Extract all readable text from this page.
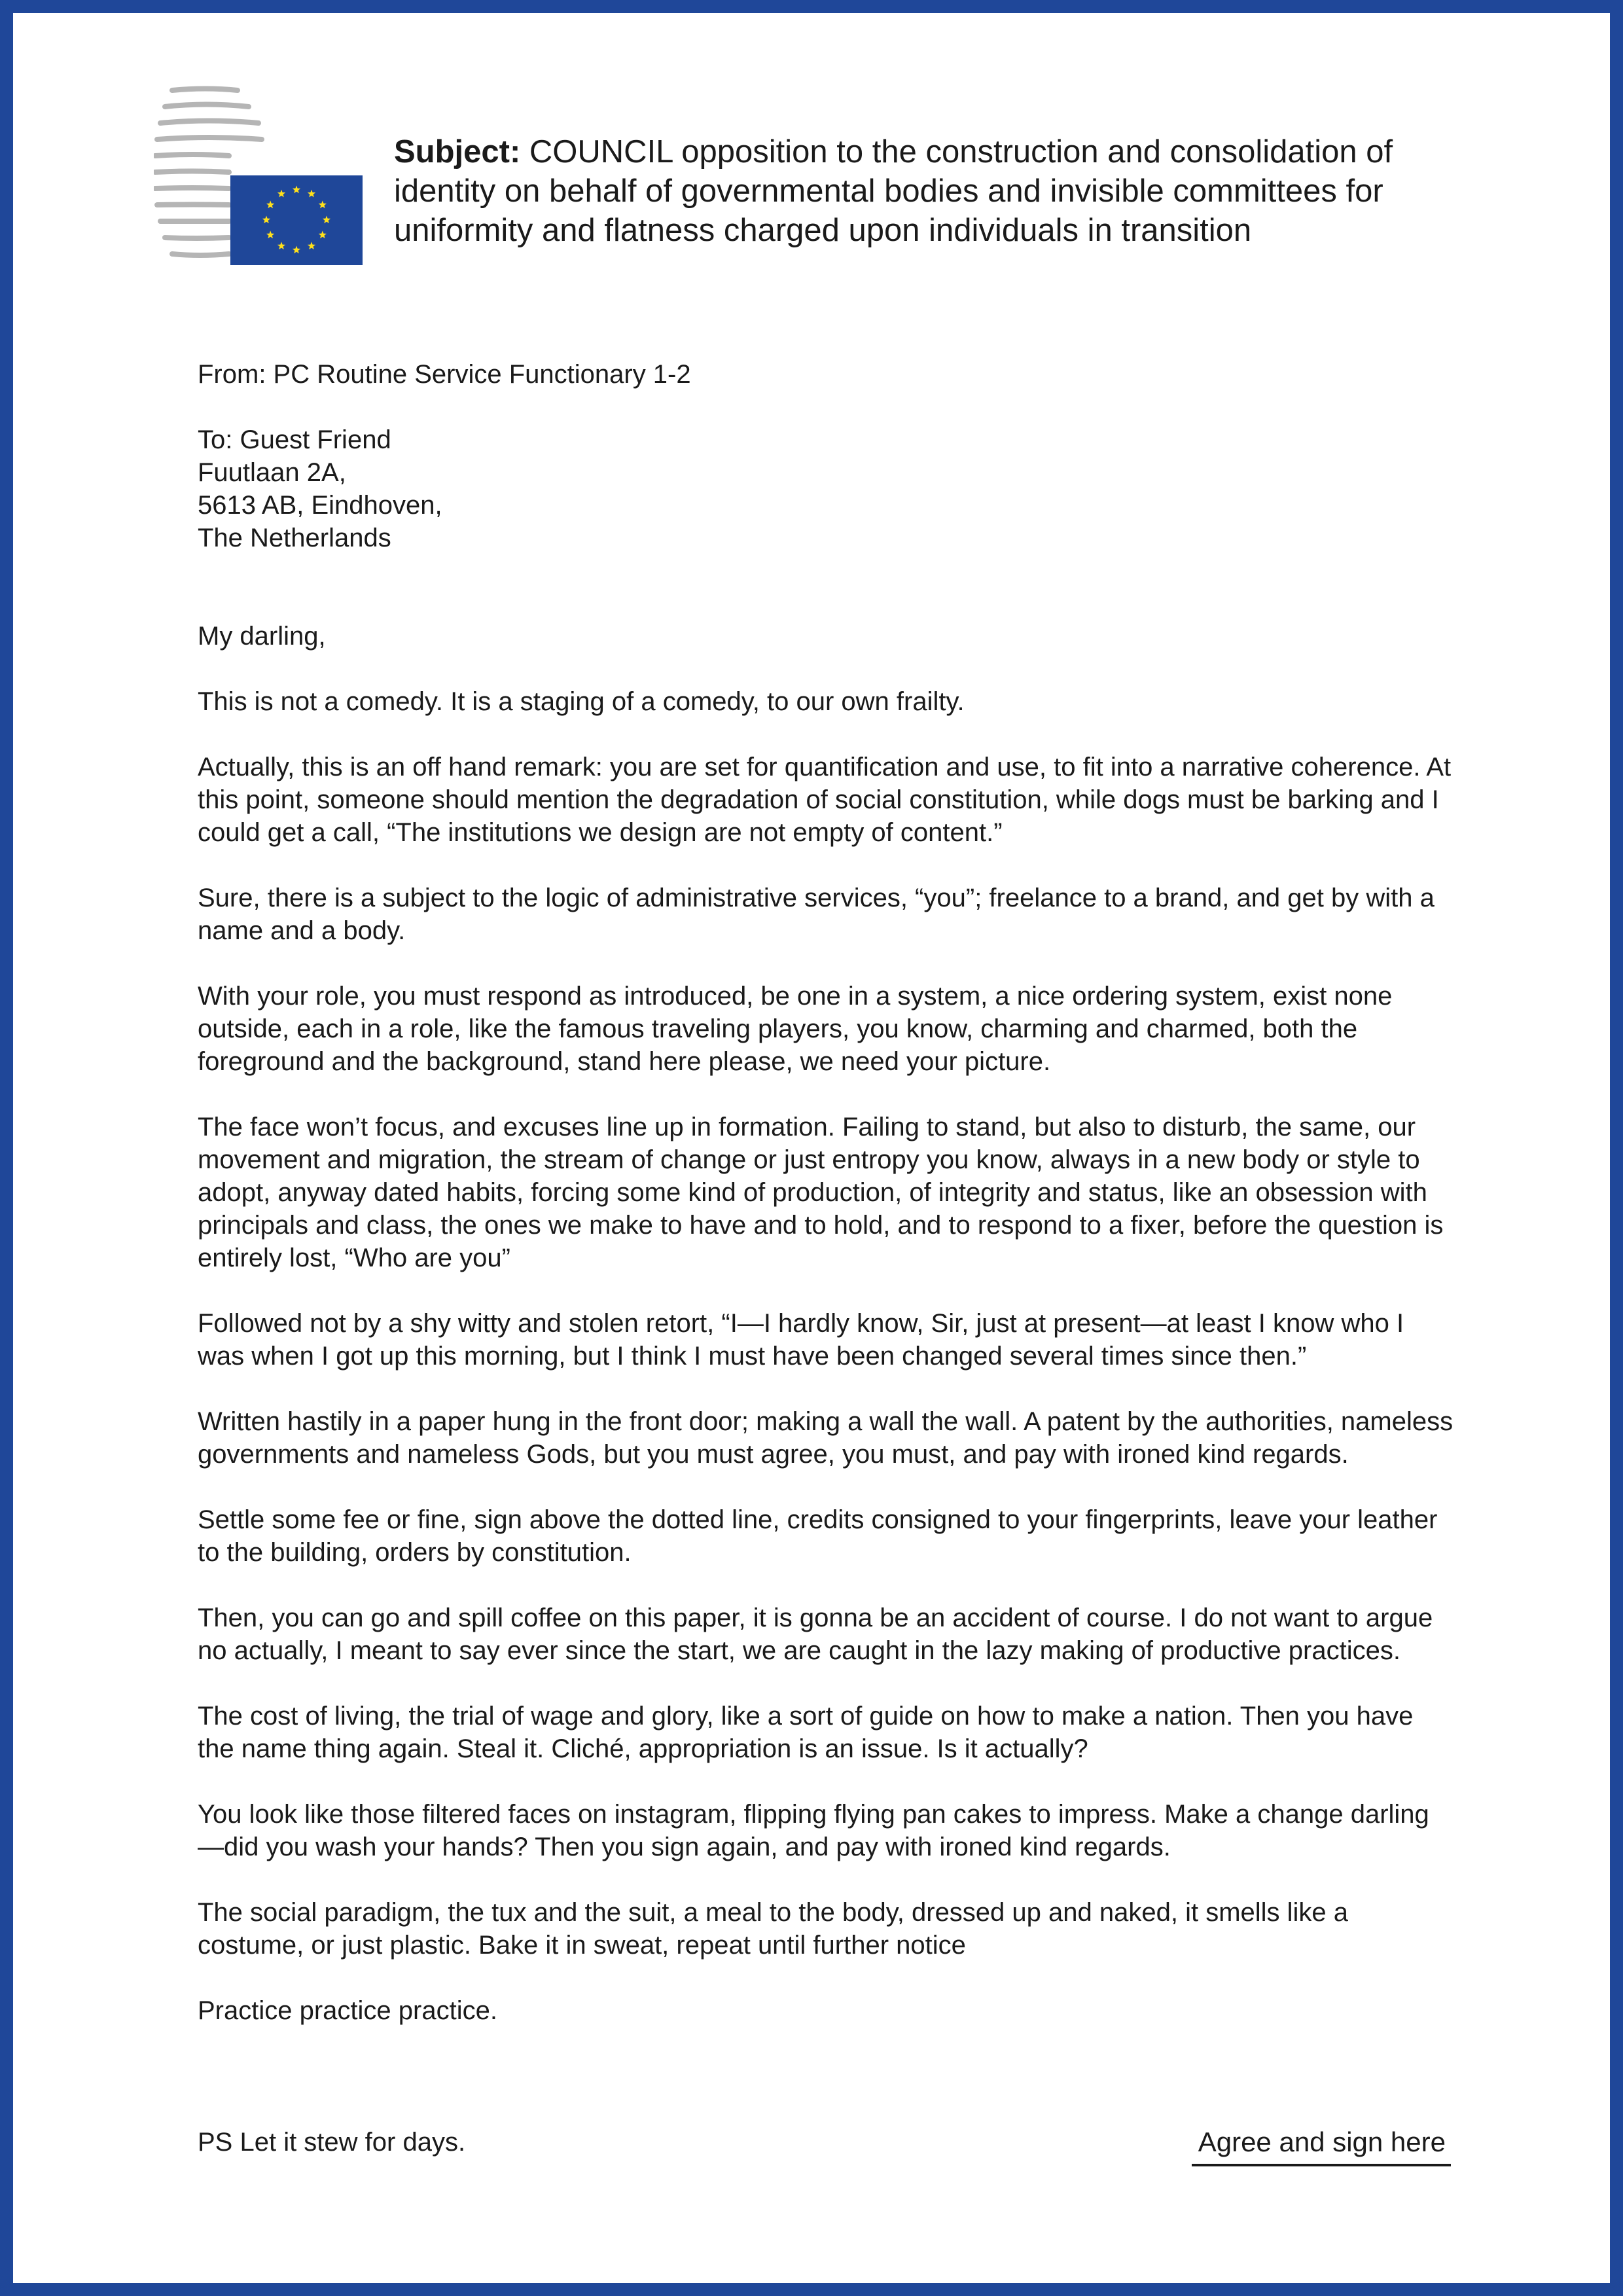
Subject: COUNCIL opposition to the construction and consolidation of identity on behalf of governmental bodies and invisible committees for uniformity and flatness charged upon individuals in transition

From: PC Routine Service Functionary 1-2

To: Guest Friend

Fuutlaan 2A,

5613 AB, Eindhoven,

The Netherlands

My darling,

This is not a comedy. It is a staging of a comedy, to our own frailty.

Actually, this is an off hand remark: you are set for quantification and use, to fit into a narrative coherence. At this point, someone should mention the degradation of social constitution, while dogs must be barking and I could get a call, “The institutions we design are not empty of content.”

Sure, there is a subject to the logic of administrative services, “you”; freelance to a brand, and get by with a name and a body.

With your role, you must respond as introduced, be one in a system, a nice ordering system, exist none outside, each in a role, like the famous traveling players, you know, charming and charmed, both the foreground and the background, stand here please, we need your picture.

The face won’t focus, and excuses line up in formation. Failing to stand, but also to disturb, the same, our movement and migration, the stream of change or just entropy you know, always in a new body or style to adopt, anyway dated habits, forcing some kind of production, of integrity and status, like an obsession with principals and class, the ones we make to have and to hold, and to respond to a fixer, before the question is entirely lost, “Who are you”

Followed not by a shy witty and stolen retort, “I—I hardly know, Sir, just at present—at least I know who I was when I got up this morning, but I think I must have been changed several times since then.”

Written hastily in a paper hung in the front door; making a wall the wall. A patent by the authorities, nameless governments and nameless Gods, but you must agree, you must, and pay with ironed kind regards.

Settle some fee or fine, sign above the dotted line, credits consigned to your fingerprints, leave your leather to the building, orders by constitution.

Then, you can go and spill coffee on this paper, it is gonna be an accident of course. I do not want to argue no actually, I meant to say ever since the start, we are caught in the lazy making of productive practices.

The cost of living, the trial of wage and glory, like a sort of guide on how to make a nation. Then you have the name thing again. Steal it. Cliché, appropriation is an issue. Is it actually?

You look like those filtered faces on instagram, flipping flying pan cakes to impress. Make a change darling—did you wash your hands? Then you sign again, and pay with ironed kind regards.

The social paradigm, the tux and the suit, a meal to the body, dressed up and naked, it smells like a costume, or just plastic. Bake it in sweat, repeat until further notice

Practice practice practice.

PS Let it stew for days.	Agree and sign here
